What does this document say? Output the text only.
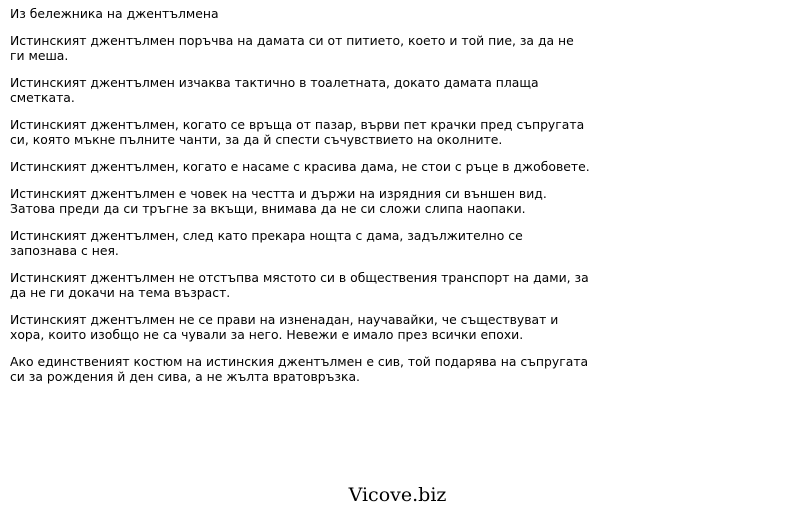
Из бележника на джентълмена
Истинският джентълмен поръчва на дамата си от питието, което и той пие, за да не ги меша.
Истинският джентълмен изчаква тактично в тоалетната, докато дамата плаща сметката.
Истинският джентълмен, когато се връща от пазар, върви пет крачки пред съпругата си, която мъкне пълните чанти, за да й спести съчувствието на околните.
Истинският джентълмен, когато е насаме с красива дама, не стои с ръце в джобовете.
Истинският джентълмен е човек на честта и държи на изрядния си външен вид. Затова преди да си тръгне за вкъщи, внимава да не си сложи слипа наопаки.
Истинският джентълмен, след като прекара нощта с дама, задължително се запознава с нея.
Истинският джентълмен не отстъпва мястото си в обществения транспорт на дами, за да не ги докачи на тема възраст.
Истинският джентълмен не се прави на изненадан, научавайки, че съществуват и хора, които изобщо не са чували за него. Невежи е имало през всички епохи.
Ако единственият костюм на истинския джентълмен е сив, той подарява на съпругата си за рождения й ден сива, а не жълта вратовръзка.
Vicove.biz
